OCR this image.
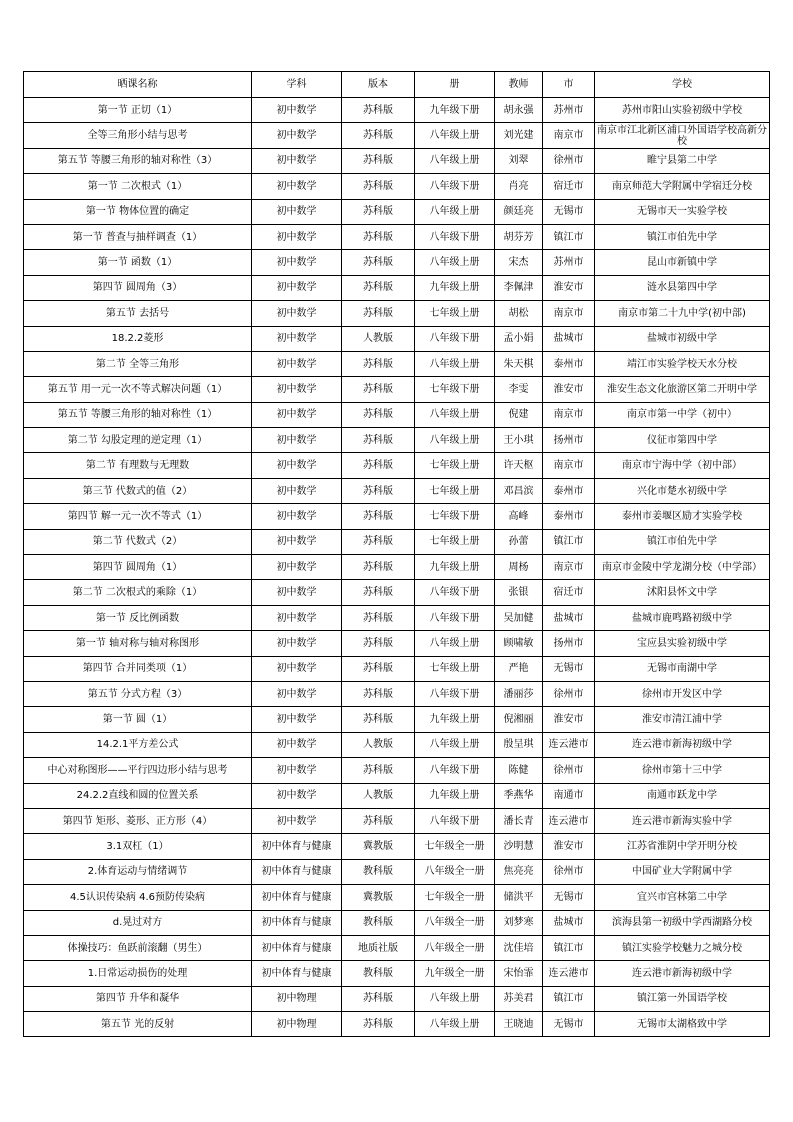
晒课名称	学科	版本	册	教师	市	学校
第一节 正切（1）	初中数学	苏科版	九年级下册	胡永强	苏州市	苏州市阳山实验初级中学校
全等三角形小结与思考	初中数学	苏科版	八年级上册	刘光建	南京市	南京市江北新区浦口外国语学校高新分校
第五节 等腰三角形的轴对称性（3）	初中数学	苏科版	八年级上册	刘翠	徐州市	睢宁县第二中学
第一节 二次根式（1）	初中数学	苏科版	八年级下册	肖亮	宿迁市	南京师范大学附属中学宿迁分校
第一节 物体位置的确定	初中数学	苏科版	八年级上册	颜廷亮	无锡市	无锡市天一实验学校
第一节 普查与抽样调查（1）	初中数学	苏科版	八年级下册	胡芬芳	镇江市	镇江市伯先中学
第一节 函数（1）	初中数学	苏科版	八年级上册	宋杰	苏州市	昆山市新镇中学
第四节 圆周角（3）	初中数学	苏科版	九年级上册	李佩津	淮安市	涟水县第四中学
第五节 去括号	初中数学	苏科版	七年级上册	胡松	南京市	南京市第二十九中学(初中部)
18.2.2菱形	初中数学	人教版	八年级下册	孟小娟	盐城市	盐城市初级中学
第二节 全等三角形	初中数学	苏科版	八年级上册	朱天棋	泰州市	靖江市实验学校天水分校
第五节 用一元一次不等式解决问题（1）	初中数学	苏科版	七年级下册	李雯	淮安市	淮安生态文化旅游区第二开明中学
第五节 等腰三角形的轴对称性（1）	初中数学	苏科版	八年级上册	倪建	南京市	南京市第一中学（初中）
第二节 勾股定理的逆定理（1）	初中数学	苏科版	八年级上册	王小琪	扬州市	仪征市第四中学
第二节 有理数与无理数	初中数学	苏科版	七年级上册	许天枢	南京市	南京市宁海中学（初中部）
第三节 代数式的值（2）	初中数学	苏科版	七年级上册	邓昌滨	泰州市	兴化市楚水初级中学
第四节 解一元一次不等式（1）	初中数学	苏科版	七年级下册	高峰	泰州市	泰州市姜堰区励才实验学校
第二节 代数式（2）	初中数学	苏科版	七年级上册	孙蕾	镇江市	镇江市伯先中学
第四节 圆周角（1）	初中数学	苏科版	九年级上册	周杨	南京市	南京市金陵中学龙湖分校（中学部）
第二节 二次根式的乘除（1）	初中数学	苏科版	八年级下册	张银	宿迁市	沭阳县怀文中学
第一节 反比例函数	初中数学	苏科版	八年级下册	吴加健	盐城市	盐城市鹿鸣路初级中学
第一节 轴对称与轴对称图形	初中数学	苏科版	八年级上册	顾啸敏	扬州市	宝应县实验初级中学
第四节 合并同类项（1）	初中数学	苏科版	七年级上册	严艳	无锡市	无锡市南湖中学
第五节 分式方程（3）	初中数学	苏科版	八年级下册	潘丽莎	徐州市	徐州市开发区中学
第一节 圆（1）	初中数学	苏科版	九年级上册	倪湘丽	淮安市	淮安市清江浦中学
14.2.1平方差公式	初中数学	人教版	八年级上册	殷呈琪	连云港市	连云港市新海初级中学
中心对称图形——平行四边形小结与思考	初中数学	苏科版	八年级下册	陈健	徐州市	徐州市第十三中学
24.2.2直线和圆的位置关系	初中数学	人教版	九年级上册	季燕华	南通市	南通市跃龙中学
第四节 矩形、菱形、正方形（4）	初中数学	苏科版	八年级下册	潘长青	连云港市	连云港市新海实验中学
3.1双杠（1）	初中体育与健康	冀教版	七年级全一册	沙明慧	淮安市	江苏省淮阴中学开明分校
2.体育运动与情绪调节	初中体育与健康	教科版	八年级全一册	焦亮亮	徐州市	中国矿业大学附属中学
4.5认识传染病 4.6预防传染病	初中体育与健康	冀教版	七年级全一册	储洪平	无锡市	宜兴市宫林第二中学
d.晃过对方	初中体育与健康	教科版	八年级全一册	刘梦寒	盐城市	滨海县第一初级中学西湖路分校
体操技巧：鱼跃前滚翻（男生）	初中体育与健康	地质社版	八年级全一册	沈佳培	镇江市	镇江实验学校魅力之城分校
1.日常运动损伤的处理	初中体育与健康	教科版	九年级全一册	宋怡霏	连云港市	连云港市新海初级中学
第四节 升华和凝华	初中物理	苏科版	八年级上册	苏美君	镇江市	镇江第一外国语学校
第五节 光的反射	初中物理	苏科版	八年级上册	王晓迪	无锡市	无锡市太湖格致中学
